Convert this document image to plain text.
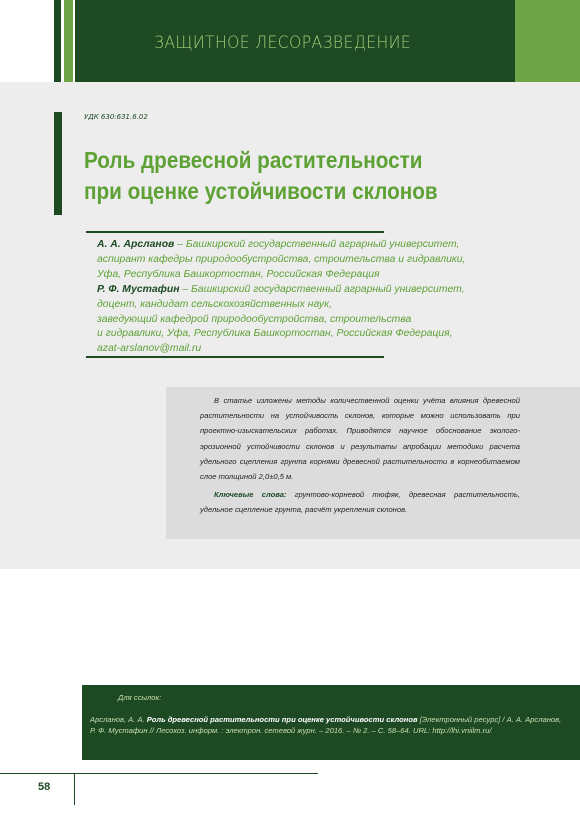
ЗАЩИТНОЕ ЛЕСОРАЗВЕДЕНИЕ
УДК 630:631.6.02
Роль древесной растительности
при оценке устойчивости склонов

А. А. Арсланов – Башкирский государственный аграрный университет,

аспирант кафедры природообустройства, строительства и гидравлики,

Уфа, Республика Башкортостан, Российская Федерация

Р. Ф. Мустафин – Башкирский государственный аграрный университет,

доцент, кандидат сельскохозяйственных наук,

заведующий кафедрой природообустройства, строительства

и гидравлики, Уфа, Республика Башкортостан, Российская Федерация,

azat-arslanov@mail.ru

В статье изложены методы количественной оценки учёта влияния древесной растительности на устойчивость склонов, которые можно использовать при проектно-изыскательских работах. Приводятся научное обоснование эколого-эрозионной устойчивости склонов и результаты апробации методики расчета удельного сцепления грунта корнями древесной растительности в корнеобитаемом слое толщиной 2,0±0,5 м.

Ключевые слова: грунтово-корневой тюфяк, древесная растительность, удельное сцепление грунта, расчёт укрепления склонов.
Для ссылок:
Арсланов, А. А. Роль древесной растительности при оценке устойчивости склонов [Электронный ресурс] / А. А. Арсланов, Р. Ф. Мустафин // Лесохоз. информ. : электрон. сетевой журн. – 2016. – № 2. – С. 58–64. URL: http://lhi.vniilm.ru/
58
